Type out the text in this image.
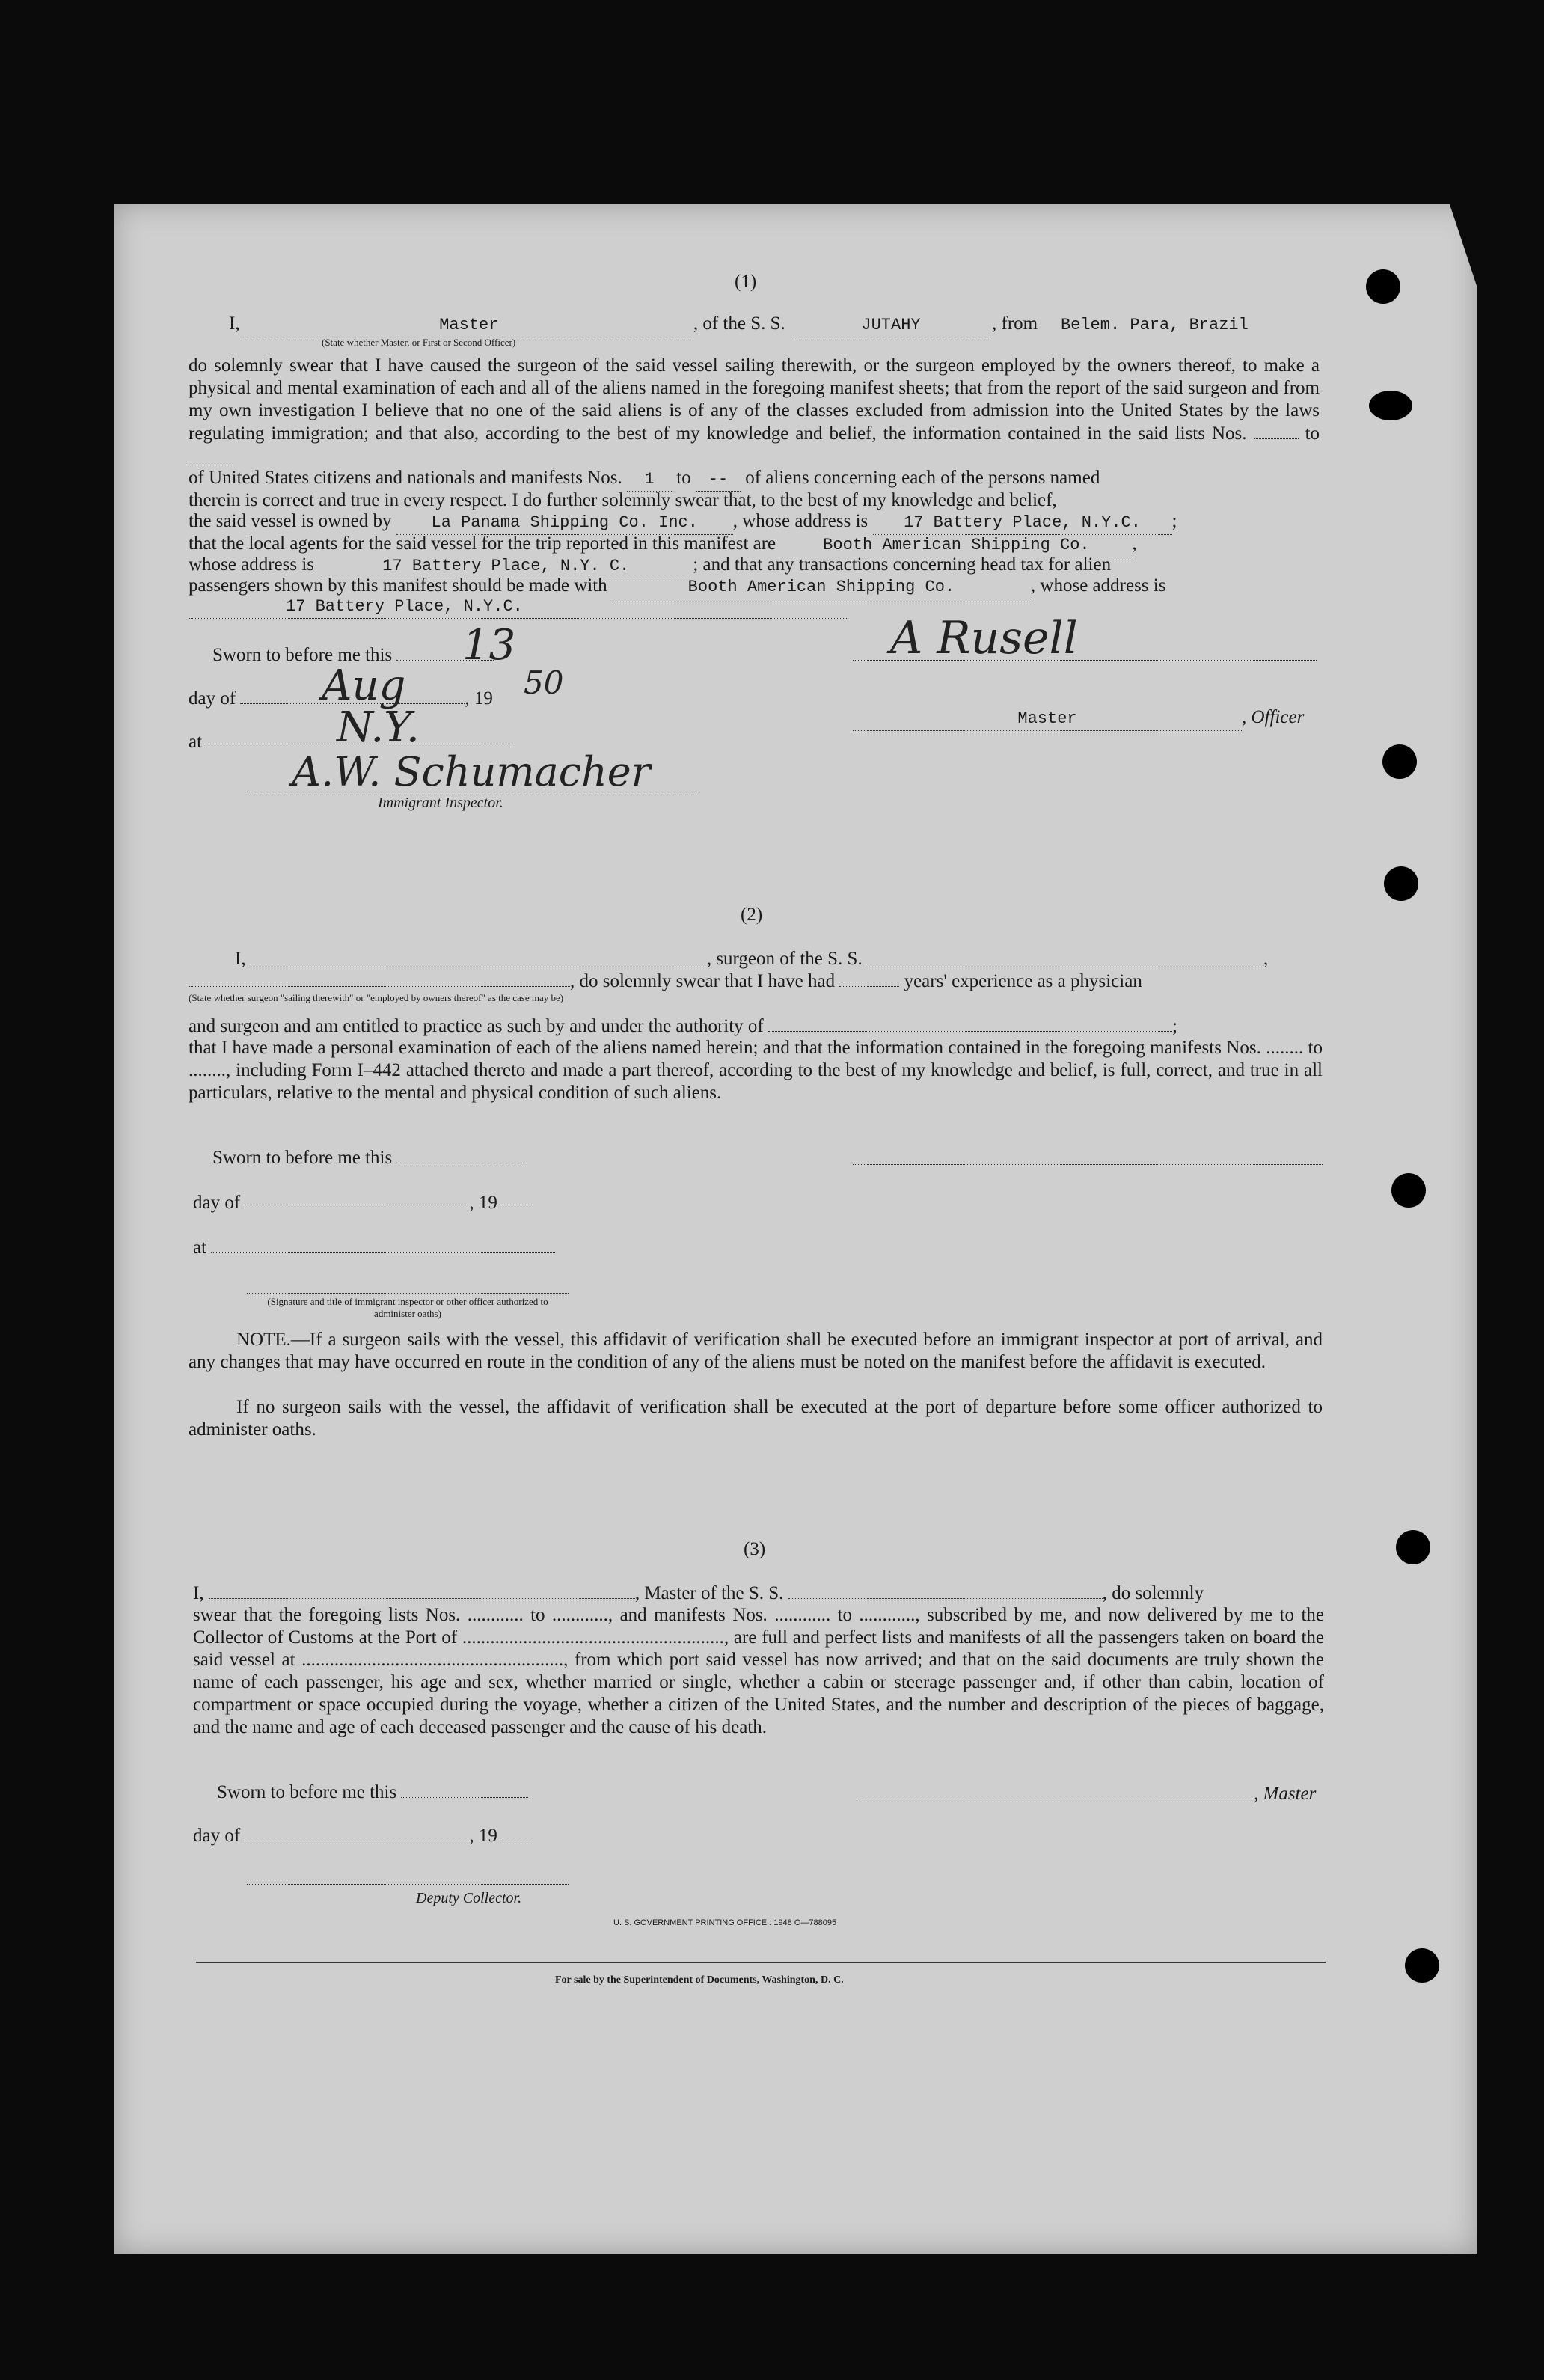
(1)
I,	Master	, of the S. S.	JUTAHY	, from Belem. Para, Brazil
(State whether Master, or First or Second Officer)
do solemnly swear that I have caused the surgeon of the said vessel sailing therewith, or the surgeon employed by the owners thereof, to make a physical and mental examination of each and all of the aliens named in the foregoing manifest sheets; that from the report of the said surgeon and from my own investigation I believe that no one of the said aliens is of any of the classes excluded from admission into the United States by the laws regulating immigration; and that also, according to the best of my knowledge and belief, the information contained in the said lists Nos.	to
of United States citizens and nationals and manifests Nos. 1 to -- of aliens concerning each of the persons named
therein is correct and true in every respect. I do further solemnly swear that, to the best of my knowledge and belief,
the said vessel is owned by La Panama Shipping Co. Inc. , whose address is 17 Battery Place, N.Y.C. ;
that the local agents for the said vessel for the trip reported in this manifest are	Booth American Shipping Co. ,
whose address is	17 Battery Place, N.Y. C.	; and that any transactions concerning head tax for alien
passengers shown by this manifest should be made with	Booth American Shipping Co.	, whose address is
17 Battery Place, N.Y.C.
Sworn to before me this	13
day of	, 19
Aug	50
at	N.Y.
A.W. Schumacher
Immigrant Inspector.
A Rusell
Master	, Officer
(2)
I,	, surgeon of the S. S.	,
, do solemnly swear that I have had	years' experience as a physician
(State whether surgeon "sailing therewith" or "employed by owners thereof" as the case may be)
and surgeon and am entitled to practice as such by and under the authority of	;
that I have made a personal examination of each of the aliens named herein; and that the information contained in the foregoing manifests Nos. ........ to ........, including Form I–442 attached thereto and made a part thereof, according to the best of my knowledge and belief, is full, correct, and true in all particulars, relative to the mental and physical condition of such aliens.
Sworn to before me this
day of	, 19
at
(Signature and title of immigrant inspector or other officer authorized to administer oaths)
NOTE.—If a surgeon sails with the vessel, this affidavit of verification shall be executed before an immigrant inspector at port of arrival, and any changes that may have occurred en route in the condition of any of the aliens must be noted on the manifest before the affidavit is executed.
If no surgeon sails with the vessel, the affidavit of verification shall be executed at the port of departure before some officer authorized to administer oaths.
(3)
I,	, Master of the S. S.	, do solemnly
swear that the foregoing lists Nos. ............ to ............, and manifests Nos. ............ to ............, subscribed by me, and now delivered by me to the Collector of Customs at the Port of ........................................................, are full and perfect lists and manifests of all the passengers taken on board the said vessel at ........................................................, from which port said vessel has now arrived; and that on the said documents are truly shown the name of each passenger, his age and sex, whether married or single, whether a cabin or steerage passenger and, if other than cabin, location of compartment or space occupied during the voyage, whether a citizen of the United States, and the number and description of the pieces of baggage, and the name and age of each deceased passenger and the cause of his death.
Sworn to before me this	, Master
day of	, 19
Deputy Collector.
U. S. GOVERNMENT PRINTING OFFICE : 1948 O—788095
For sale by the Superintendent of Documents, Washington, D. C.
